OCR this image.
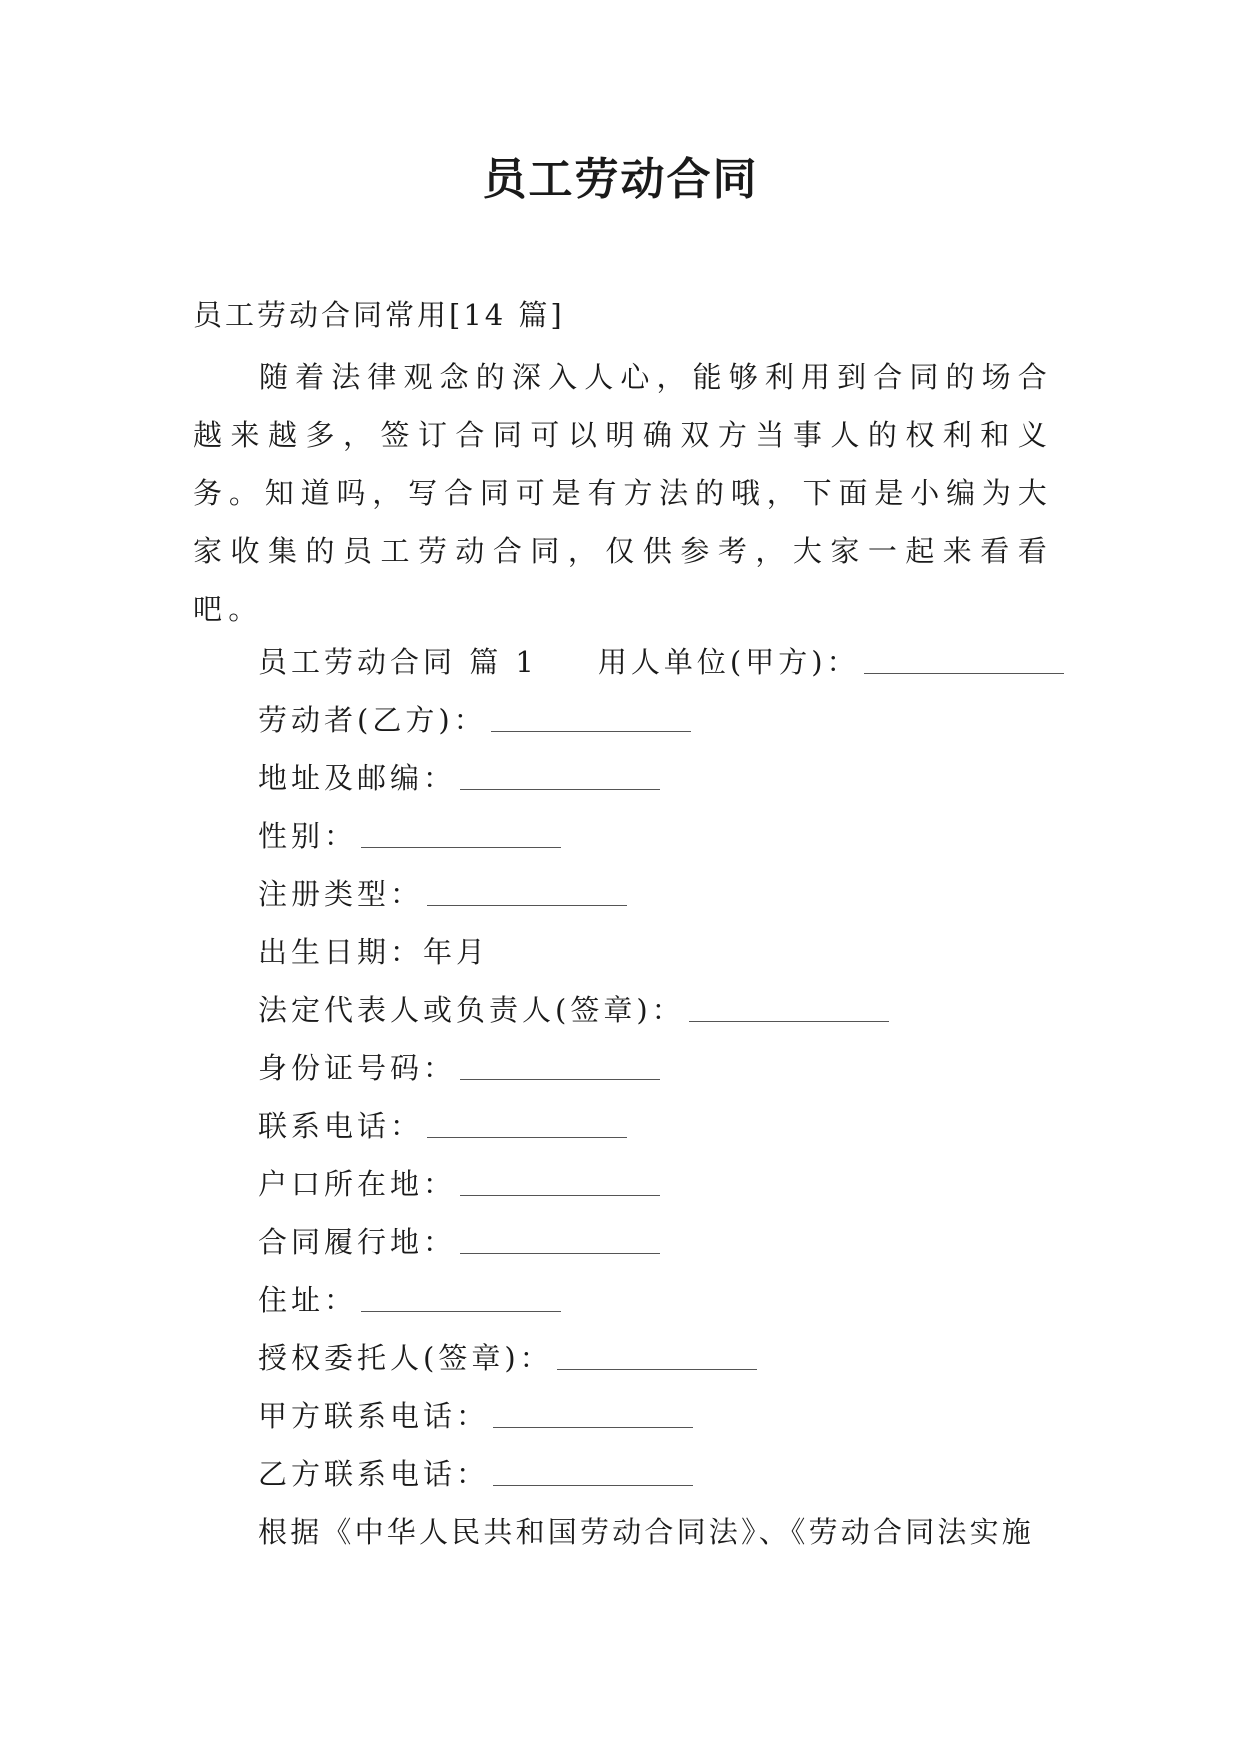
员工劳动合同
员工劳动合同常用[14 篇]
随着法律观念的深入人心，能够利用到合同的场合越来越多，签订合同可以明确双方当事人的权利和义务。知道吗，写合同可是有方法的哦，下面是小编为大家收集的员工劳动合同，仅供参考，大家一起来看看吧。
员工劳动合同 篇 1 用人单位(甲方)：
劳动者(乙方)：
地址及邮编：
性别：
注册类型：
出生日期：年月
法定代表人或负责人(签章)：
身份证号码：
联系电话：
户口所在地：
合同履行地：
住址：
授权委托人(签章)：
甲方联系电话：
乙方联系电话：
根据《中华人民共和国劳动合同法》、《劳动合同法实施
